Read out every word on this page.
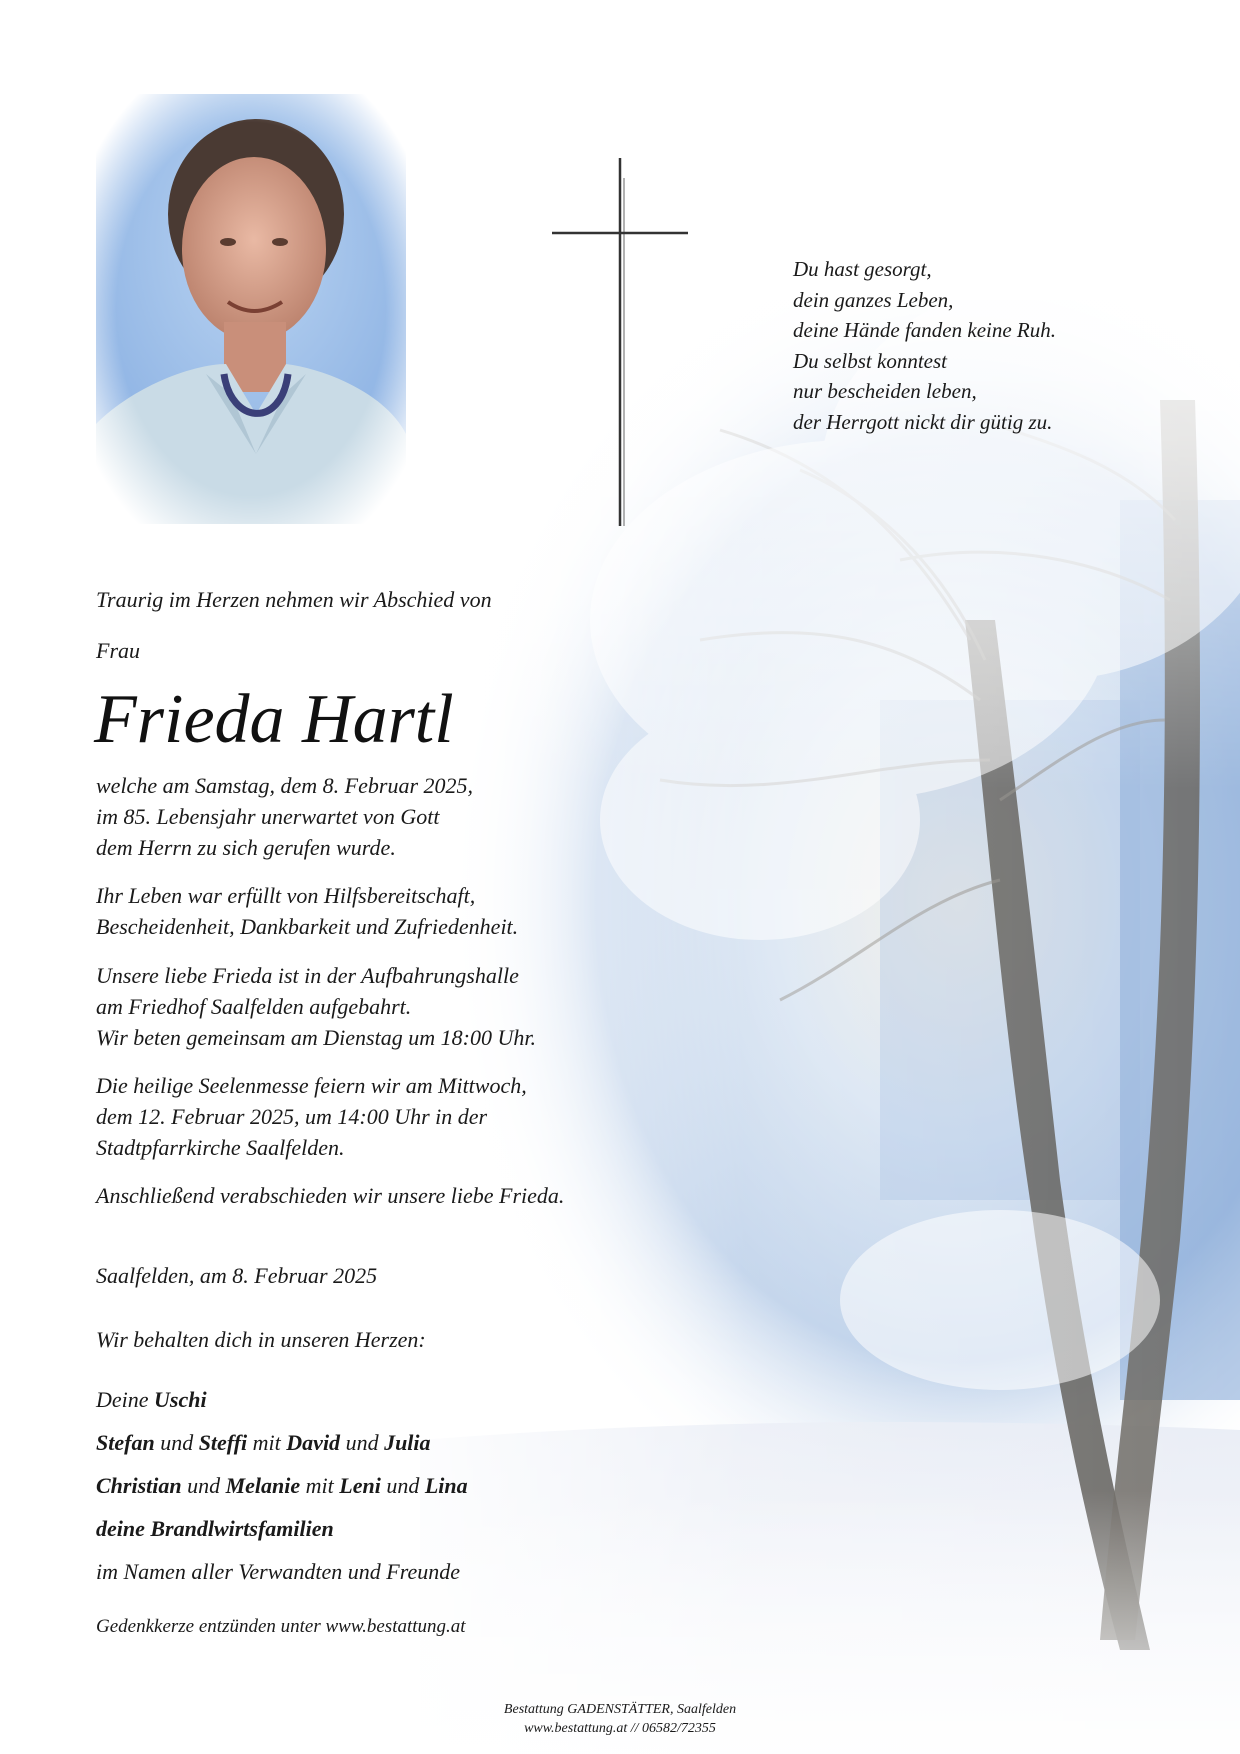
Du hast gesorgt,
dein ganzes Leben,
deine Hände fanden keine Ruh.
Du selbst konntest
nur bescheiden leben,
der Herrgott nickt dir gütig zu.
Traurig im Herzen nehmen wir Abschied von
Frau
Frieda Hartl
welche am Samstag, dem 8. Februar 2025,
im 85. Lebensjahr unerwartet von Gott
dem Herrn zu sich gerufen wurde.
Ihr Leben war erfüllt von Hilfsbereitschaft,
Bescheidenheit, Dankbarkeit und Zufriedenheit.
Unsere liebe Frieda ist in der Aufbahrungshalle
am Friedhof Saalfelden aufgebahrt.
Wir beten gemeinsam am Dienstag um 18:00 Uhr.
Die heilige Seelenmesse feiern wir am Mittwoch,
dem 12. Februar 2025, um 14:00 Uhr in der
Stadtpfarrkirche Saalfelden.
Anschließend verabschieden wir unsere liebe Frieda.
Saalfelden, am 8. Februar 2025
Wir behalten dich in unseren Herzen:
Deine Uschi
Stefan und Steffi mit David und Julia
Christian und Melanie mit Leni und Lina
deine Brandlwirtsfamilien
im Namen aller Verwandten und Freunde
Gedenkkerze entzünden unter www.bestattung.at
Bestattung GADENSTÄTTER, Saalfelden
www.bestattung.at // 06582/72355
